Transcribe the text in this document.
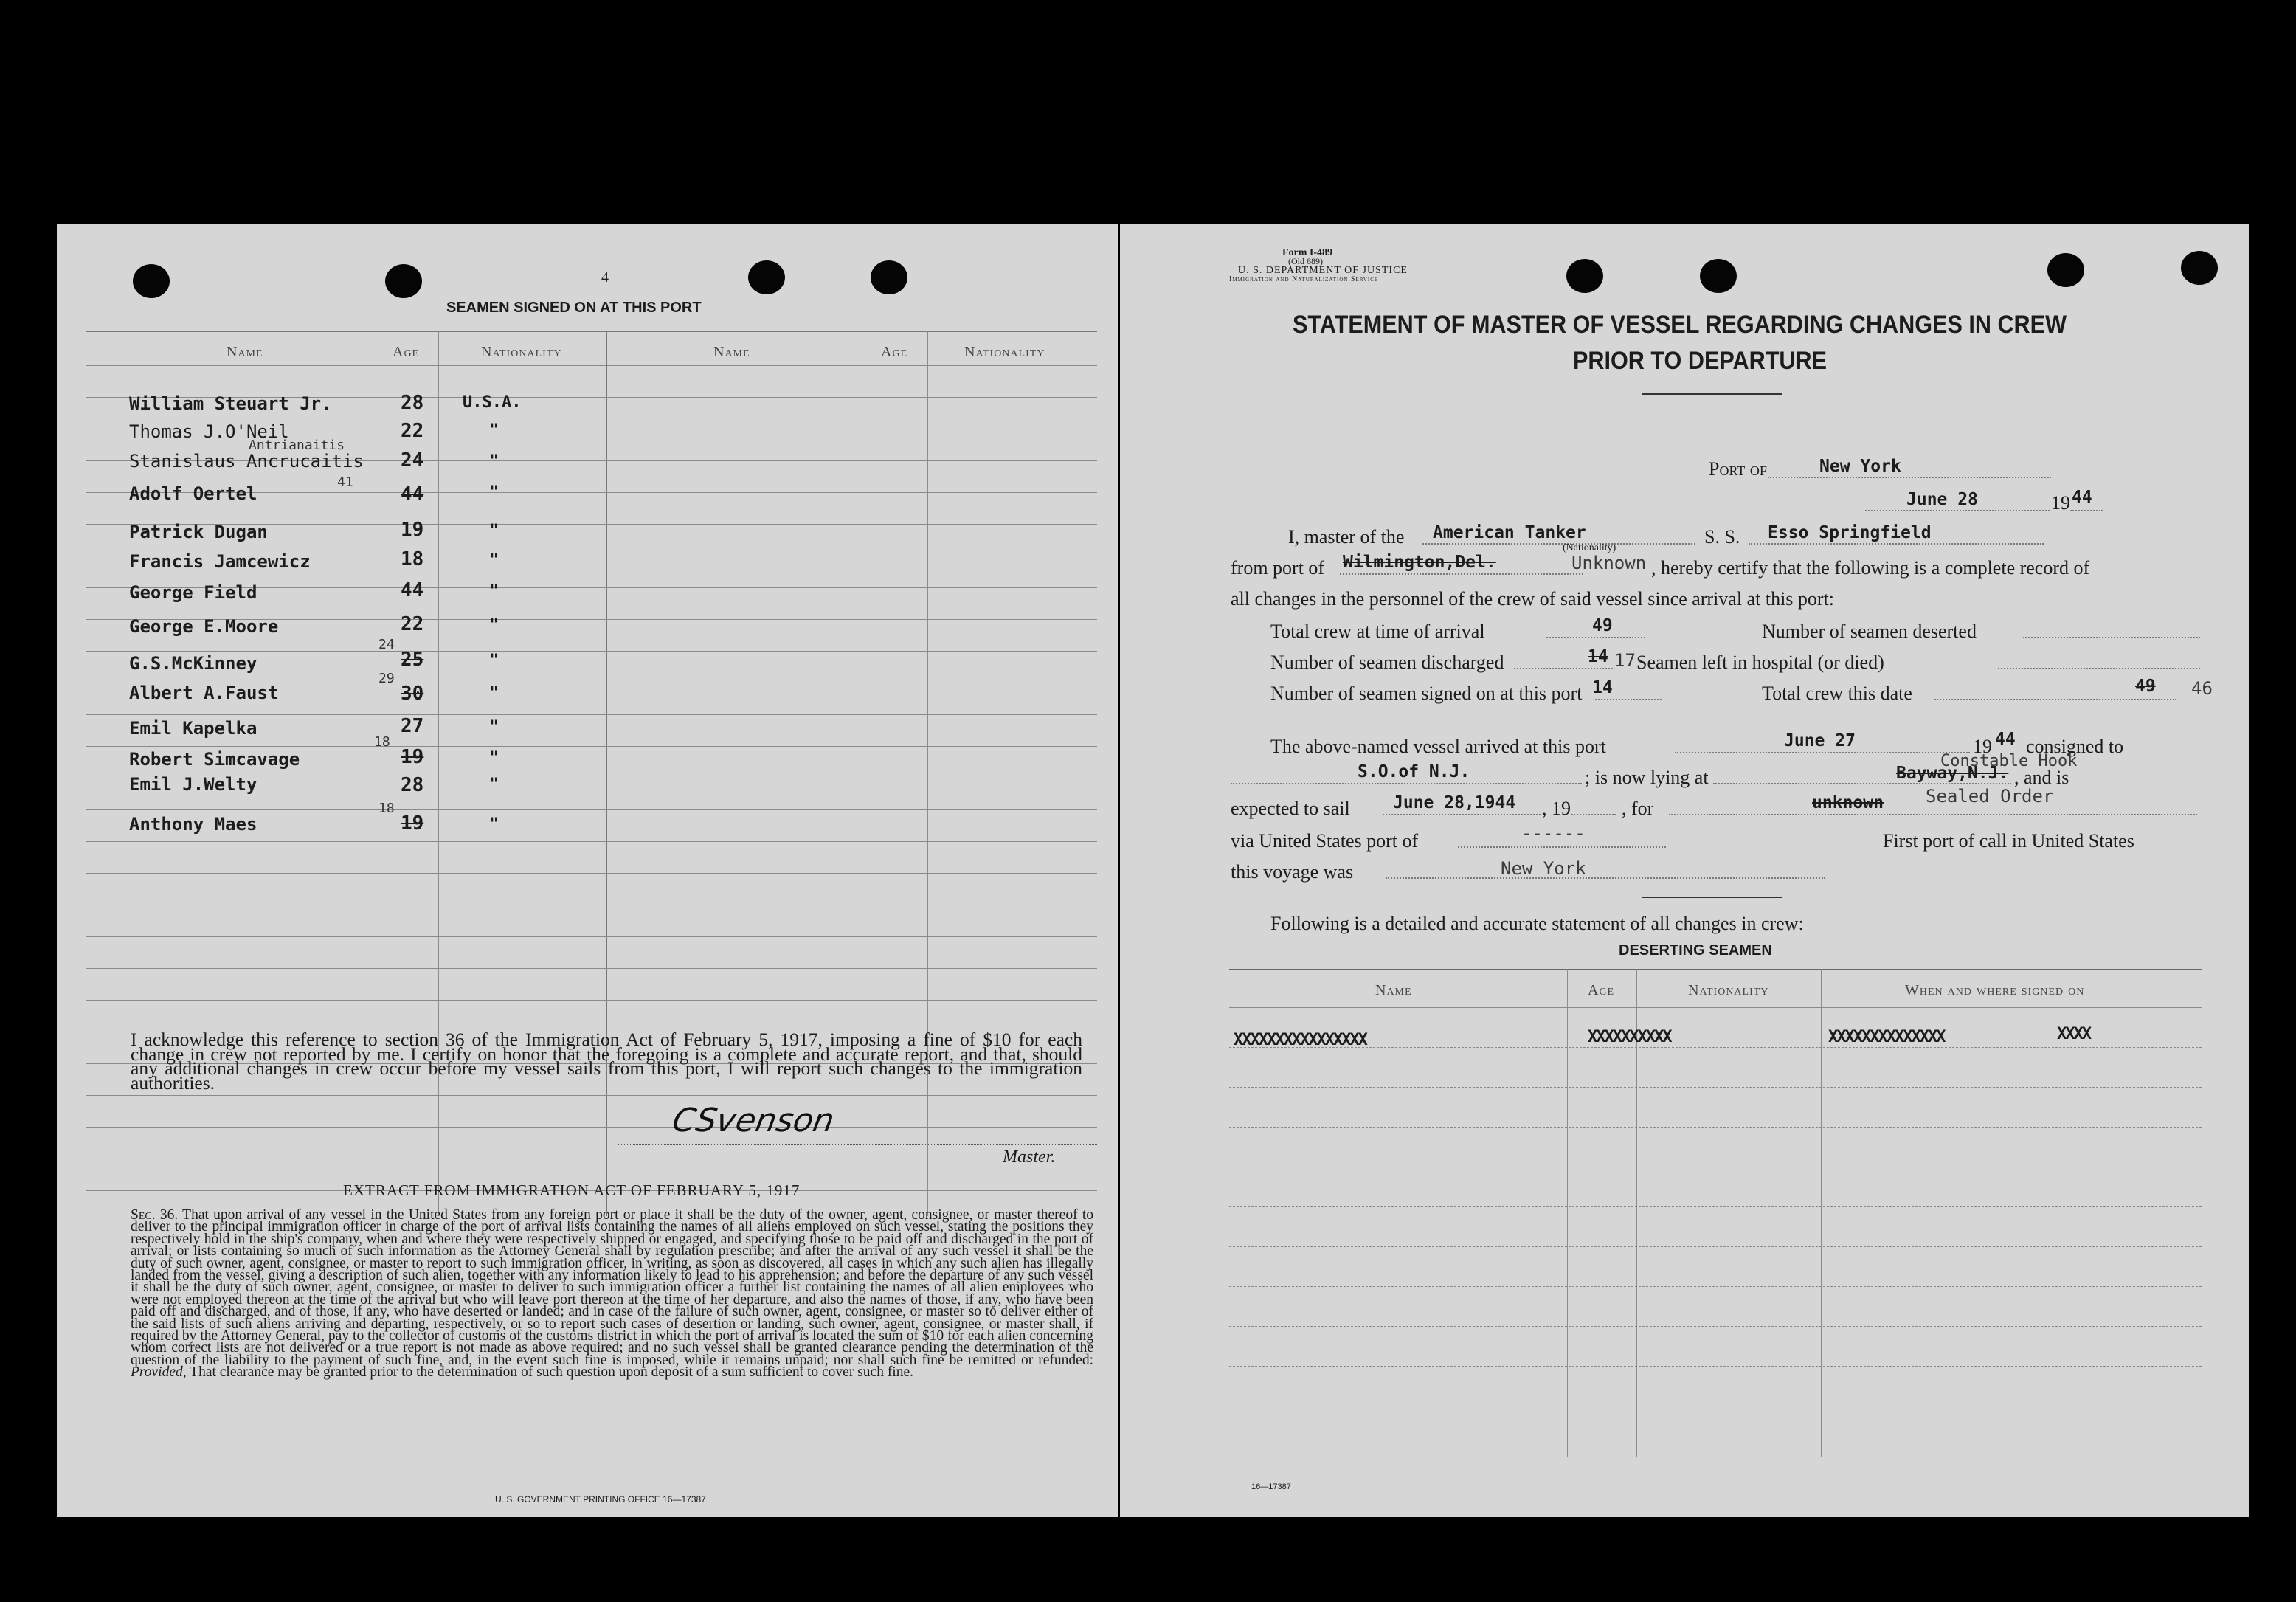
4
SEAMEN SIGNED ON AT THIS PORT
Name	Age	Nationality	Name	Age	Nationality
William Steuart Jr.	28 U.S.A.
Thomas J.O'Neil	22	"
Antrianaitis
Stanislaus Ancrucaitis 24	"
41
Adolf Oertel	44	"
Patrick Dugan	19	"
Francis Jamcewicz	18	"
George Field	44	"
George E.Moore	22	"
24
G.S.McKinney	25	"
29
Albert A.Faust	30	"
Emil Kapelka	27	"
18
Robert Simcavage	19	"
Emil J.Welty	28	"
18
Anthony Maes	19	"
I acknowledge this reference to section 36 of the Immigration Act of February 5, 1917, imposing a fine of $10 for each change in crew not reported by me. I certify on honor that the foregoing is a complete and accurate report, and that, should any additional changes in crew occur before my vessel sails from this port, I will report such changes to the immigration authorities.
CSvenson
Master.
EXTRACT FROM IMMIGRATION ACT OF FEBRUARY 5, 1917
Sec. 36. That upon arrival of any vessel in the United States from any foreign port or place it shall be the duty of the owner, agent, consignee, or master thereof to deliver to the principal immigration officer in charge of the port of arrival lists containing the names of all aliens employed on such vessel, stating the positions they respectively hold in the ship's company, when and where they were respectively shipped or engaged, and specifying those to be paid off and discharged in the port of arrival; or lists containing so much of such information as the Attorney General shall by regulation prescribe; and after the arrival of any such vessel it shall be the duty of such owner, agent, consignee, or master to report to such immigration officer, in writing, as soon as discovered, all cases in which any such alien has illegally landed from the vessel, giving a description of such alien, together with any information likely to lead to his apprehension; and before the departure of any such vessel it shall be the duty of such owner, agent, consignee, or master to deliver to such immigration officer a further list containing the names of all alien employees who were not employed thereon at the time of the arrival but who will leave port thereon at the time of her departure, and also the names of those, if any, who have been paid off and discharged, and of those, if any, who have deserted or landed; and in case of the failure of such owner, agent, consignee, or master so to deliver either of the said lists of such aliens arriving and departing, respectively, or so to report such cases of desertion or landing, such owner, agent, consignee, or master shall, if required by the Attorney General, pay to the collector of customs of the customs district in which the port of arrival is located the sum of $10 for each alien concerning whom correct lists are not delivered or a true report is not made as above required; and no such vessel shall be granted clearance pending the determination of the question of the liability to the payment of such fine, and, in the event such fine is imposed, while it remains unpaid; nor shall such fine be remitted or refunded: Provided, That clearance may be granted prior to the determination of such question upon deposit of a sum sufficient to cover such fine.
U. S. GOVERNMENT PRINTING OFFICE 16—17387
Form I-489
(Old 689)
U. S. DEPARTMENT OF JUSTICE
Immigration and Naturalization Service
STATEMENT OF MASTER OF VESSEL REGARDING CHANGES IN CREW
PRIOR TO DEPARTURE
Port of	New York
June 28	19 44
I, master of the American Tanker
(Nationality)
S. S. Esso Springfield
from port of Wilmington,Del.	Unknown , hereby certify that the following is a complete record of
all changes in the personnel of the crew of said vessel since arrival at this port:
Total crew at time of arrival	49	Number of seamen deserted
Number of seamen discharged	14 17 Seamen left in hospital (or died)
Number of seamen signed on at this port 14	Total crew this date	49 46
The above-named vessel arrived at this port	June 27	19 44 consigned to
S.O.of N.J.	; is now lying at	Bayway,N.J.
Constable Hook
, and is
expected to sail	June 28,1944 , 19	, for	unknown Sealed Order
via United States port of	------	First port of call in United States
this voyage was	New York
Following is a detailed and accurate statement of all changes in crew:
DESERTING SEAMEN
Name	Age	Nationality	When and where signed on
XXXXXXXXXXXXXXXX	XXXXXXXXXX	XXXXXXXXXXXXXX	XXXX
16—17387
